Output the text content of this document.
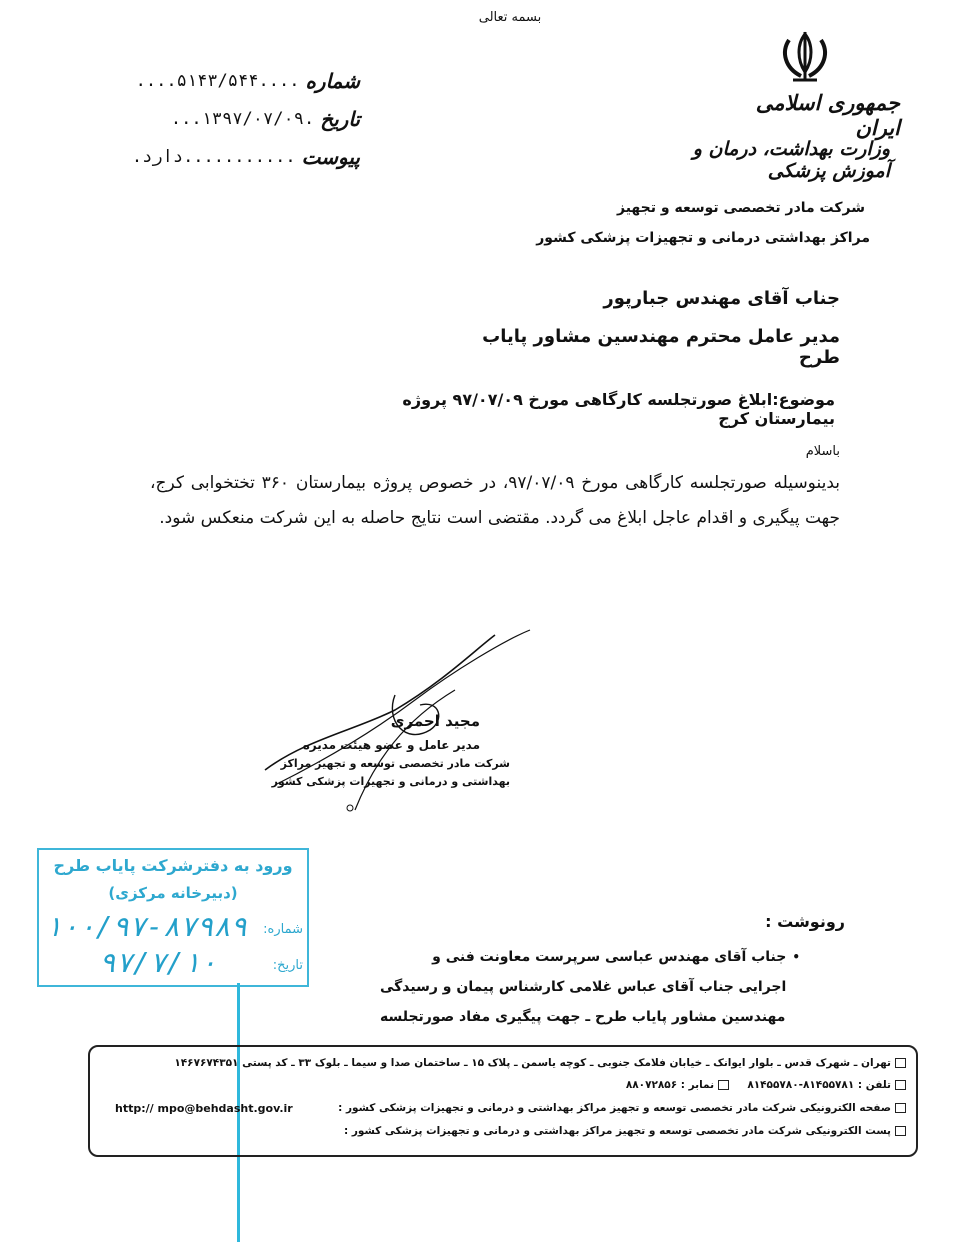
بسمه تعالی
جمهوری اسلامی ایران
وزارت بهداشت، درمان و آموزش پزشکی
شرکت مادر تخصصی توسعه و تجهیز
مراکز بهداشتی درمانی و تجهیزات پزشکی کشور
....۵۱۴۳/۵۴۴.... شماره
...۱۳۹۷/۰۷/۰۹. تاریخ
...........دارد. پیوست
جناب آقای مهندس جبارپور
مدیر عامل محترم مهندسین مشاور پایاب طرح
موضوع:ابلاغ صورتجلسه کارگاهی مورخ ۹۷/۰۷/۰۹ پروژه بیمارستان کرج
باسلام
بدینوسیله صورتجلسه کارگاهی مورخ ۹۷/۰۷/۰۹، در خصوص پروژه بیمارستان ۳۶۰ تختخوابی کرج، جهت پیگیری و اقدام عاجل ابلاغ می گردد. مقتضی است نتایج حاصله به این شرکت منعکس شود.
مجید احمری
مدیر عامل و عضو هیئت مدیره
شرکت مادر تخصصی توسعه و تجهیز مراکز
بهداشتی و درمانی و تجهیزات پزشکی کشور
ورود به دفترشرکت پایاب طرح
(دبیرخانه مرکزی)
شماره:
۱۰۰/۹۷-۸۷۹۸۹
تاریخ:
۹۷/۷/۱۰
رونوشت :
•
جناب آقای مهندس عباسی سرپرست معاونت فنی و اجرایی
جناب آقای عباس غلامی کارشناس پیمان و رسیدگی
مهندسین مشاور پایاب طرح ـ جهت پیگیری مفاد صورتجلسه
تهران ـ شهرک قدس ـ بلوار ایوانک ـ خیابان فلامک جنوبی ـ کوچه یاسمن ـ پلاک ۱۵ ـ ساختمان صدا و سیما ـ بلوک ۳۳ ـ کد پستی ۱۴۶۷۶۷۴۳۵۱
تلفن : ۸۱۴۵۵۷۸۱-۸۱۴۵۵۷۸۰     نمابر : ۸۸۰۷۲۸۵۶
صفحه الکترونیکی شرکت مادر تخصصی توسعه و تجهیز مراکز بهداشتی و درمانی و تجهیزات پزشکی کشور :
http:// mpo@behdasht.gov.ir
پست الکترونیکی شرکت مادر تخصصی توسعه و تجهیز مراکز بهداشتی و درمانی و تجهیزات پزشکی کشور :
